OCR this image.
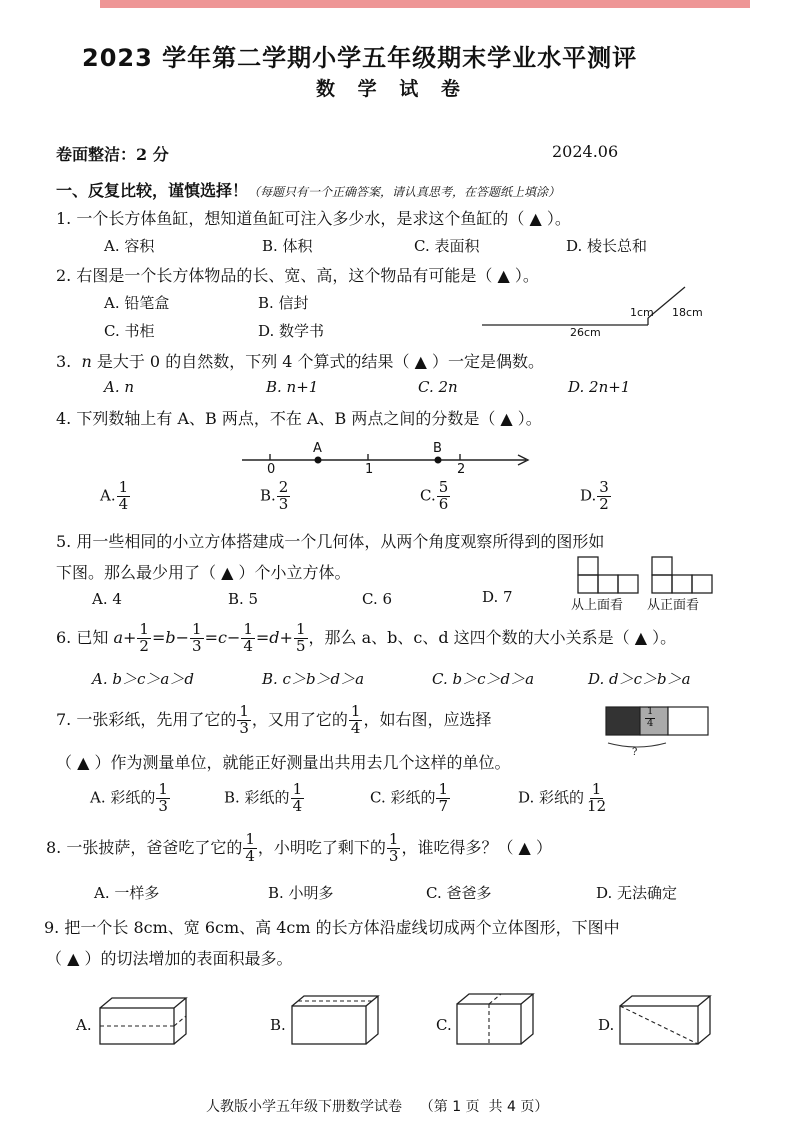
2023 学年第二学期小学五年级期末学业水平测评
数 学 试 卷
卷面整洁：2 分	2024.06
一、反复比较，谨慎选择！（每题只有一个正确答案，请认真思考，在答题纸上填涂）
1. 一个长方体鱼缸，想知道鱼缸可注入多少水，是求这个鱼缸的（ ▲ ）。
A. 容积	B. 体积	C. 表面积	D. 棱长总和
2. 右图是一个长方体物品的长、宽、高，这个物品有可能是（ ▲ ）。
A. 铅笔盒	B. 信封
C. 书柜	D. 数学书	26cm
1cm 18cm
3. n 是大于 0 的自然数，下列 4 个算式的结果（ ▲ ）一定是偶数。
A. n	B. n+1	C. 2n	D. 2n+1
4. 下列数轴上有 A、B 两点，不在 A、B 两点之间的分数是（ ▲ ）。
A	B
0	1	2
A. $\frac{1}{4}$	B. $\frac{2}{3}$	C. $\frac{5}{6}$	D. $\frac{3}{2}$
5. 用一些相同的小立方体搭建成一个几何体，从两个角度观察所得到的图形如
下图。那么最少用了（ ▲ ）个小立方体。
A. 4	B. 5	C. 6	D. 7	从上面看 从正面看
6. 已知 $a+ \frac{1}{2} =b- \frac{1}{3} =c- \frac{1}{4} =d+ \frac{1}{5}$ ，那么 a、b、c、d 这四个数的大小关系是（ ▲ ）。
A. b＞c＞a＞d	B. c＞b＞d＞a	C. b＞c＞d＞a	D. d＞c＞b＞a
7. 一张彩纸，先用了它的 $\frac{1}{3}$ ，又用了它的 $\frac{1}{4}$ ，如右图，应选择
（ ▲ ）作为测量单位，就能正好测量出共用去几个这样的单位。
$\frac{1}{4}$
?
A. 彩纸的 $\frac{1}{3}$	B. 彩纸的 $\frac{1}{4}$	C. 彩纸的 $\frac{1}{7}$	D. 彩纸的 $\frac{1}{12}$
8. 一张披萨，爸爸吃了它的 $\frac{1}{4}$ ，小明吃了剩下的 $\frac{1}{3}$ ，谁吃得多？（ ▲ ）
A. 一样多	B. 小明多	C. 爸爸多	D. 无法确定
9. 把一个长 8cm、宽 6cm、高 4cm 的长方体沿虚线切成两个立体图形，下图中
（ ▲ ）的切法增加的表面积最多。
A.	B.	C.	D.
人教版小学五年级下册数学试卷    （第 1 页  共 4 页）
